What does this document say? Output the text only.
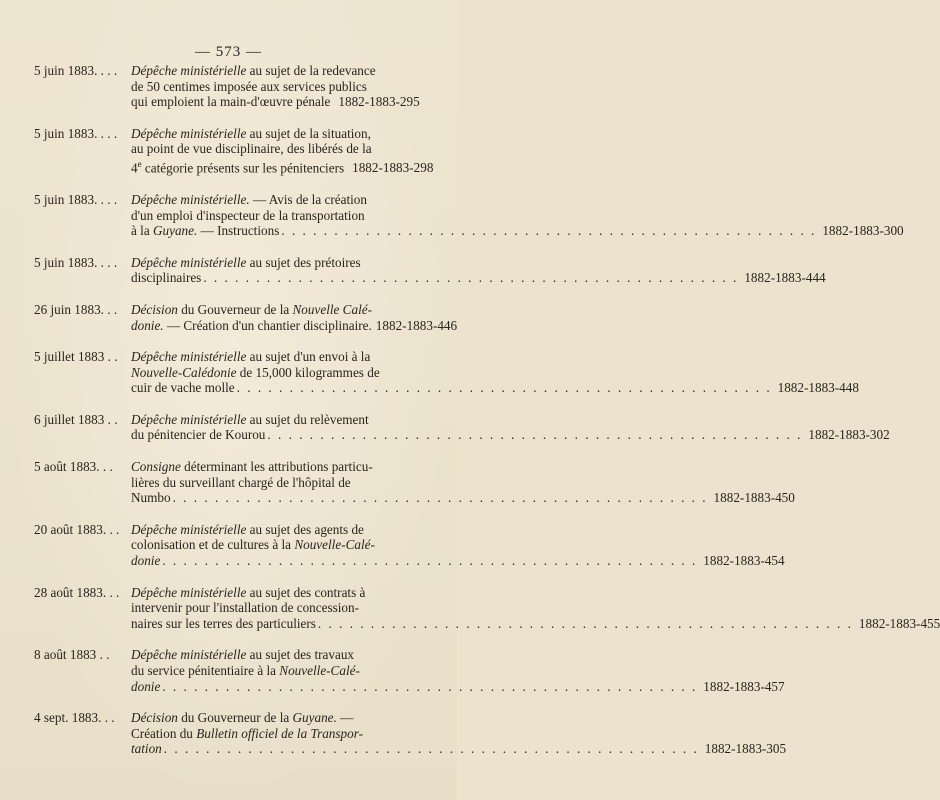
— 573 —
5 juin 1883. . . . Dépêche ministérielle au sujet de la redevance
de 50 centimes imposée aux services publics
qui emploient la main-d'œuvre pénale 1882-1883-295
5 juin 1883. . . . Dépêche ministérielle au sujet de la situation,
au point de vue disciplinaire, des libérés de la
4e catégorie présents sur les pénitenciers 1882-1883-298
5 juin 1883. . . . Dépêche ministérielle. — Avis de la création
d'un emploi d'inspecteur de la transportation
à la Guyane. — Instructions . . .	1882-1883-300
5 juin 1883. . . . Dépêche ministérielle au sujet des prétoires
disciplinaires . . .	1882-1883-444
26 juin 1883. . . Décision du Gouverneur de la Nouvelle Calé-
donie. — Création d'un chantier disciplinaire. 1882-1883-446
5 juillet 1883 . . Dépêche ministérielle au sujet d'un envoi à la
Nouvelle-Calédonie de 15,000 kilogrammes de
cuir de vache molle . . .	1882-1883-448
6 juillet 1883 . . Dépêche ministérielle au sujet du relèvement
du pénitencier de Kourou . . .	1882-1883-302
5 août 1883. . . Consigne déterminant les attributions particu-
lières du surveillant chargé de l'hôpital de
Numbo . . .	1882-1883-450
20 août 1883. . . Dépêche ministérielle au sujet des agents de
colonisation et de cultures à la Nouvelle-Calé-
donie . . .	1882-1883-454
28 août 1883. . . Dépêche ministérielle au sujet des contrats à
intervenir pour l'installation de concession-
naires sur les terres des particuliers . . .	1882-1883-455
8 août 1883 . . Dépêche ministérielle au sujet des travaux
du service pénitentiaire à la Nouvelle-Calé-
donie . . .	1882-1883-457
4 sept. 1883. . . Décision du Gouverneur de la Guyane. —
Création du Bulletin officiel de la Transpor-
tation . . .	1882-1883-305
